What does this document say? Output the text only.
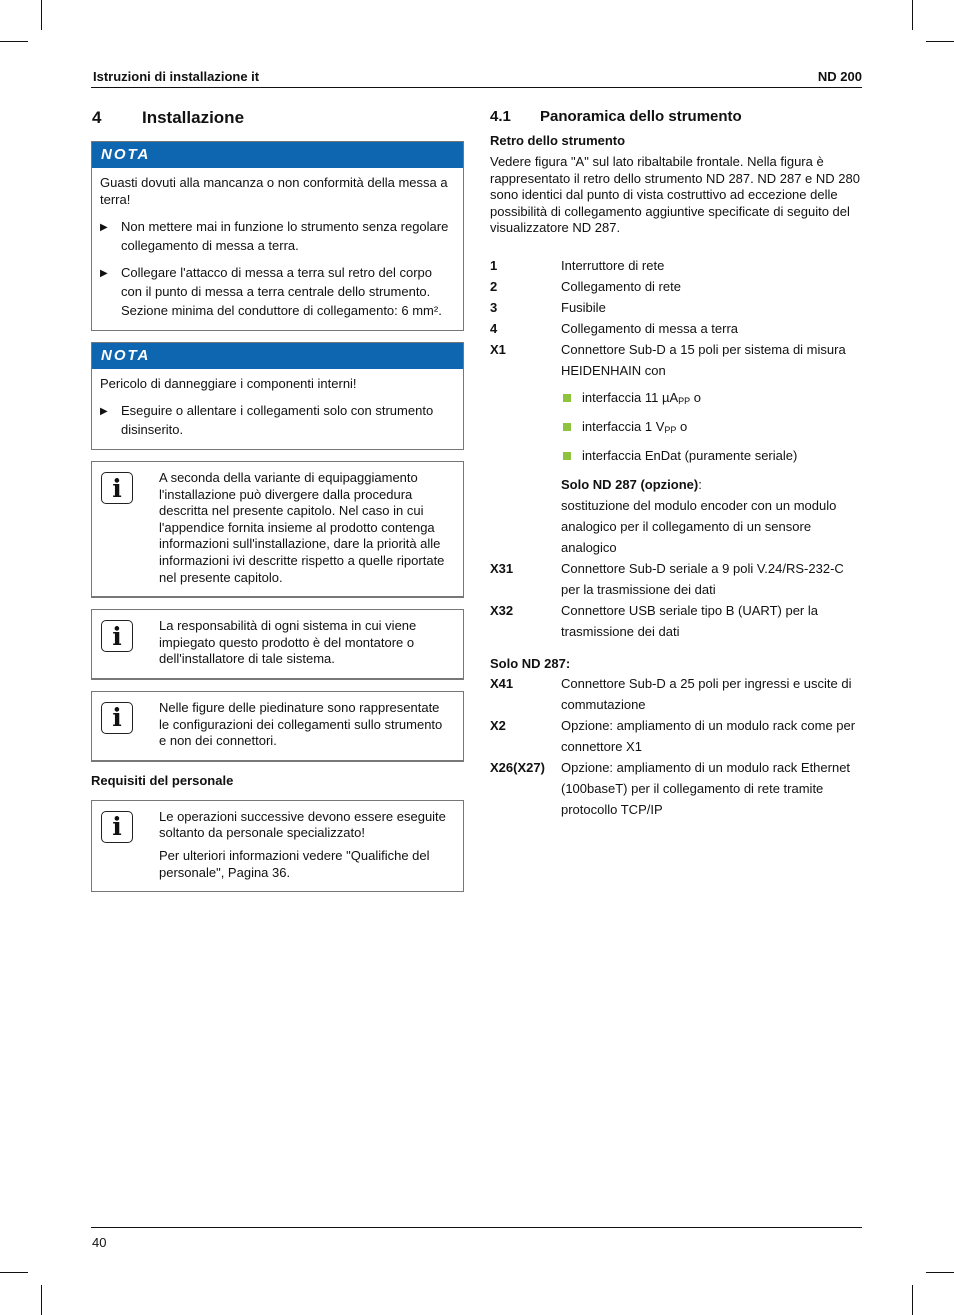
Istruzioni di installazione it	ND 200
4	Installazione
NOTA
Guasti dovuti alla mancanza o non conformità della messa a terra!
▶	Non mettere mai in funzione lo strumento senza regolare collegamento di messa a terra.
▶	Collegare l'attacco di messa a terra sul retro del corpo con il punto di messa a terra centrale dello strumento. Sezione minima del conduttore di collegamento: 6 mm².
NOTA
Pericolo di danneggiare i componenti interni!
▶	Eseguire o allentare i collegamenti solo con strumento disinserito.
i	A seconda della variante di equipaggiamento l'installazione può divergere dalla procedura descritta nel presente capitolo. Nel caso in cui l'appendice fornita insieme al prodotto contenga informazioni sull'installazione, dare la priorità alle informazioni ivi descritte rispetto a quelle riportate nel presente capitolo.

i	La responsabilità di ogni sistema in cui viene impiegato questo prodotto è del montatore o dell'installatore di tale sistema.

i	Nelle figure delle piedinature sono rappresentate le configurazioni dei collegamenti sullo strumento e non dei connettori.

Requisiti del personale
i	Le operazioni successive devono essere eseguite soltanto da personale specializzato!

Per ulteriori informazioni vedere "Qualifiche del personale", Pagina 36.

4.1	Panoramica dello strumento
Retro dello strumento
Vedere figura "A" sul lato ribaltabile frontale. Nella figura è rappresentato il retro dello strumento ND 287. ND 287 e ND 280 sono identici dal punto di vista costruttivo ad eccezione delle possibilità di collegamento aggiuntive specificate di seguito del visualizzatore ND 287.
1	Interruttore di rete
2	Collegamento di rete
3	Fusibile
4	Collegamento di messa a terra
X1	Connettore Sub-D a 15 poli per sistema di misura HEIDENHAIN con
interfaccia 11 µA$_{PP}$ o
interfaccia 1 $V_{PP}$ o
interfaccia EnDat (puramente seriale)
Solo ND 287 (opzione):
sostituzione del modulo encoder con un modulo analogico per il collegamento di un sensore analogico
X31	Connettore Sub-D seriale a 9 poli V.24/RS-232-C per la trasmissione dei dati
X32	Connettore USB seriale tipo B (UART) per la trasmissione dei dati
Solo ND 287:
X41	Connettore Sub-D a 25 poli per ingressi e uscite di commutazione
X2	Opzione: ampliamento di un modulo rack come per connettore X1
X26(X27)	Opzione: ampliamento di un modulo rack Ethernet (100baseT) per il collegamento di rete tramite protocollo TCP/IP
40
